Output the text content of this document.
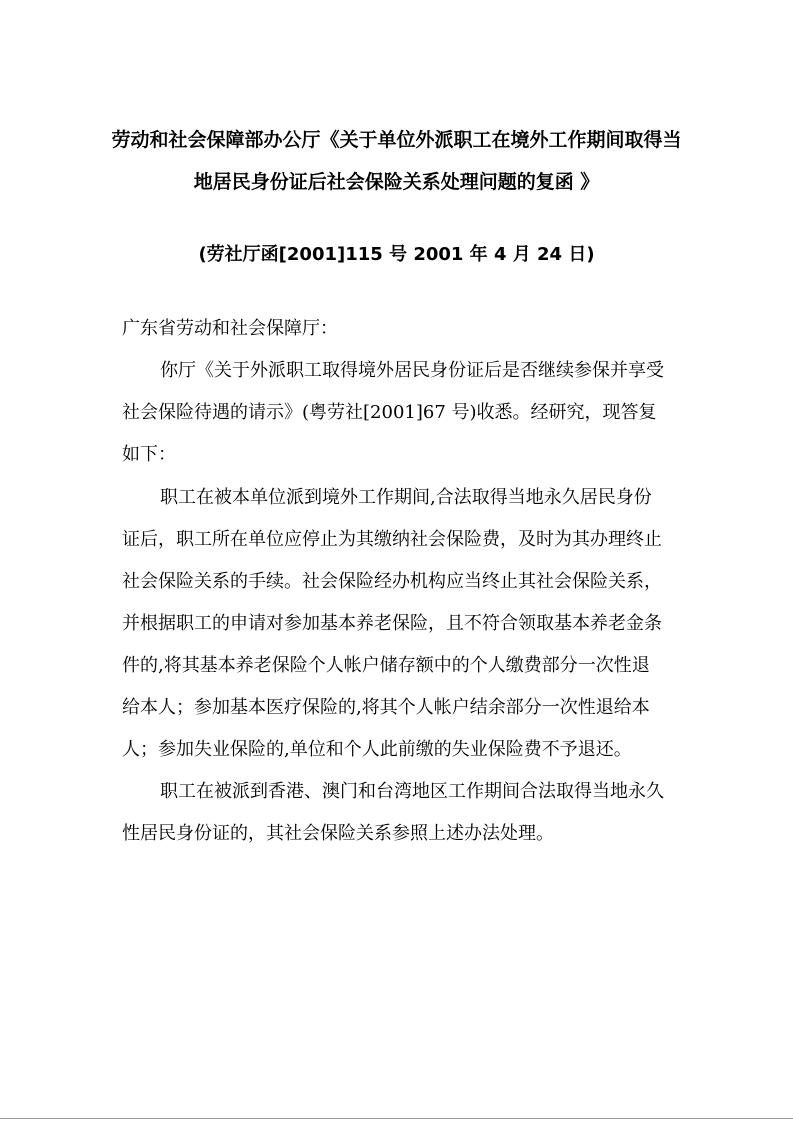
劳动和社会保障部办公厅《关于单位外派职工在境外工作期间取得当
地居民身份证后社会保险关系处理问题的复函 》
(劳社厅函[2001]115 号 2001 年 4 月 24 日)
广东省劳动和社会保障厅：
你厅《关于外派职工取得境外居民身份证后是否继续参保并享受
社会保险待遇的请示》(粤劳社[2001]67 号)收悉。经研究，现答复
如下：
职工在被本单位派到境外工作期间,合法取得当地永久居民身份
证后，职工所在单位应停止为其缴纳社会保险费，及时为其办理终止
社会保险关系的手续。社会保险经办机构应当终止其社会保险关系，
并根据职工的申请对参加基本养老保险，且不符合领取基本养老金条
件的,将其基本养老保险个人帐户储存额中的个人缴费部分一次性退
给本人；参加基本医疗保险的,将其个人帐户结余部分一次性退给本
人；参加失业保险的,单位和个人此前缴的失业保险费不予退还。
职工在被派到香港、澳门和台湾地区工作期间合法取得当地永久
性居民身份证的，其社会保险关系参照上述办法处理。
